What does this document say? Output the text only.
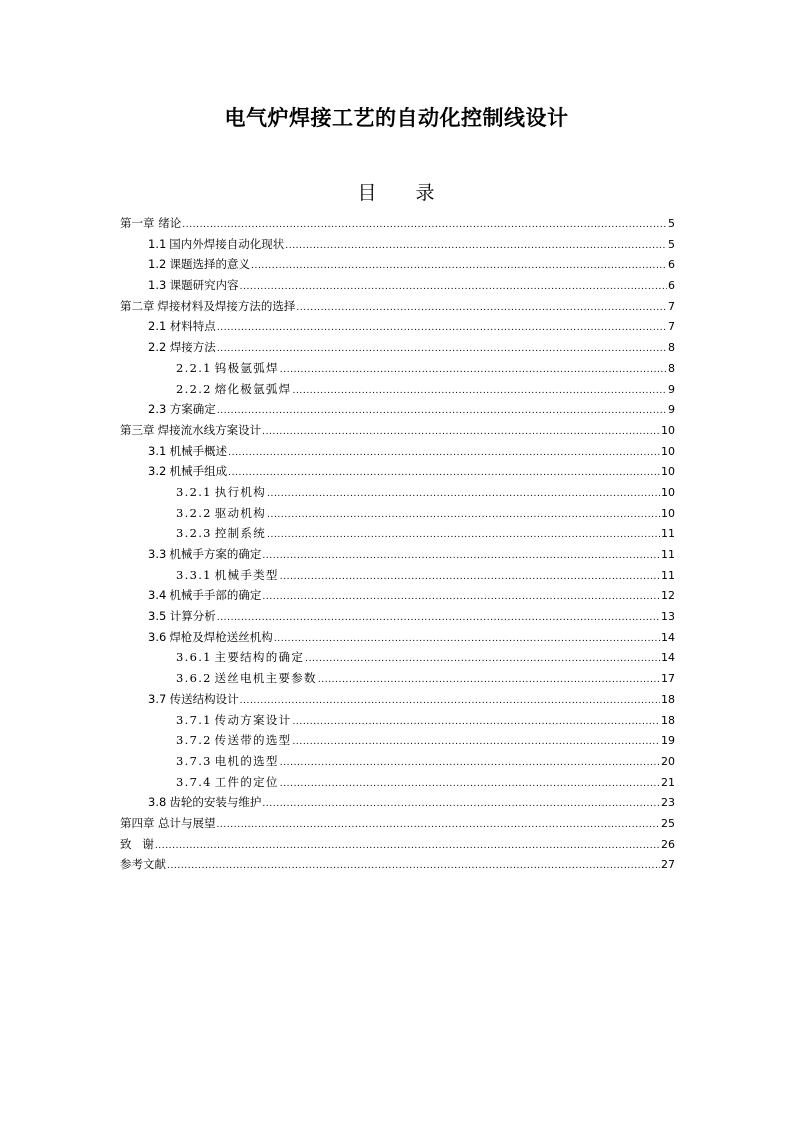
电气炉焊接工艺的自动化控制线设计
目 录
第一章 绪论 .....	5
1.1 国内外焊接自动化现状 .....	5
1.2 课题选择的意义 .....	6
1.3 课题研究内容 .....	6
第二章 焊接材料及焊接方法的选择 .....	7
2.1 材料特点 .....	7
2.2 焊接方法 .....	8
2.2.1 钨极氩弧焊 .....	8
2.2.2 熔化极氩弧焊 .....	9
2.3 方案确定 .....	9
第三章 焊接流水线方案设计 .....	10
3.1 机械手概述 .....	10
3.2 机械手组成 .....	10
3.2.1 执行机构 .....	10
3.2.2 驱动机构 .....	10
3.2.3 控制系统 .....	11
3.3 机械手方案的确定 .....	11
3.3.1 机械手类型 .....	11
3.4 机械手手部的确定 .....	12
3.5 计算分析 .....	13
3.6 焊枪及焊枪送丝机构 .....	14
3.6.1 主要结构的确定 .....	14
3.6.2 送丝电机主要参数 .....	17
3.7 传送结构设计 .....	18
3.7.1 传动方案设计 .....	18
3.7.2 传送带的选型 .....	19
3.7.3 电机的选型 .....	20
3.7.4 工件的定位 .....	21
3.8 齿轮的安装与维护 .....	23
第四章 总计与展望 .....	25
致 谢 .....	26
参考文献 .....	27
